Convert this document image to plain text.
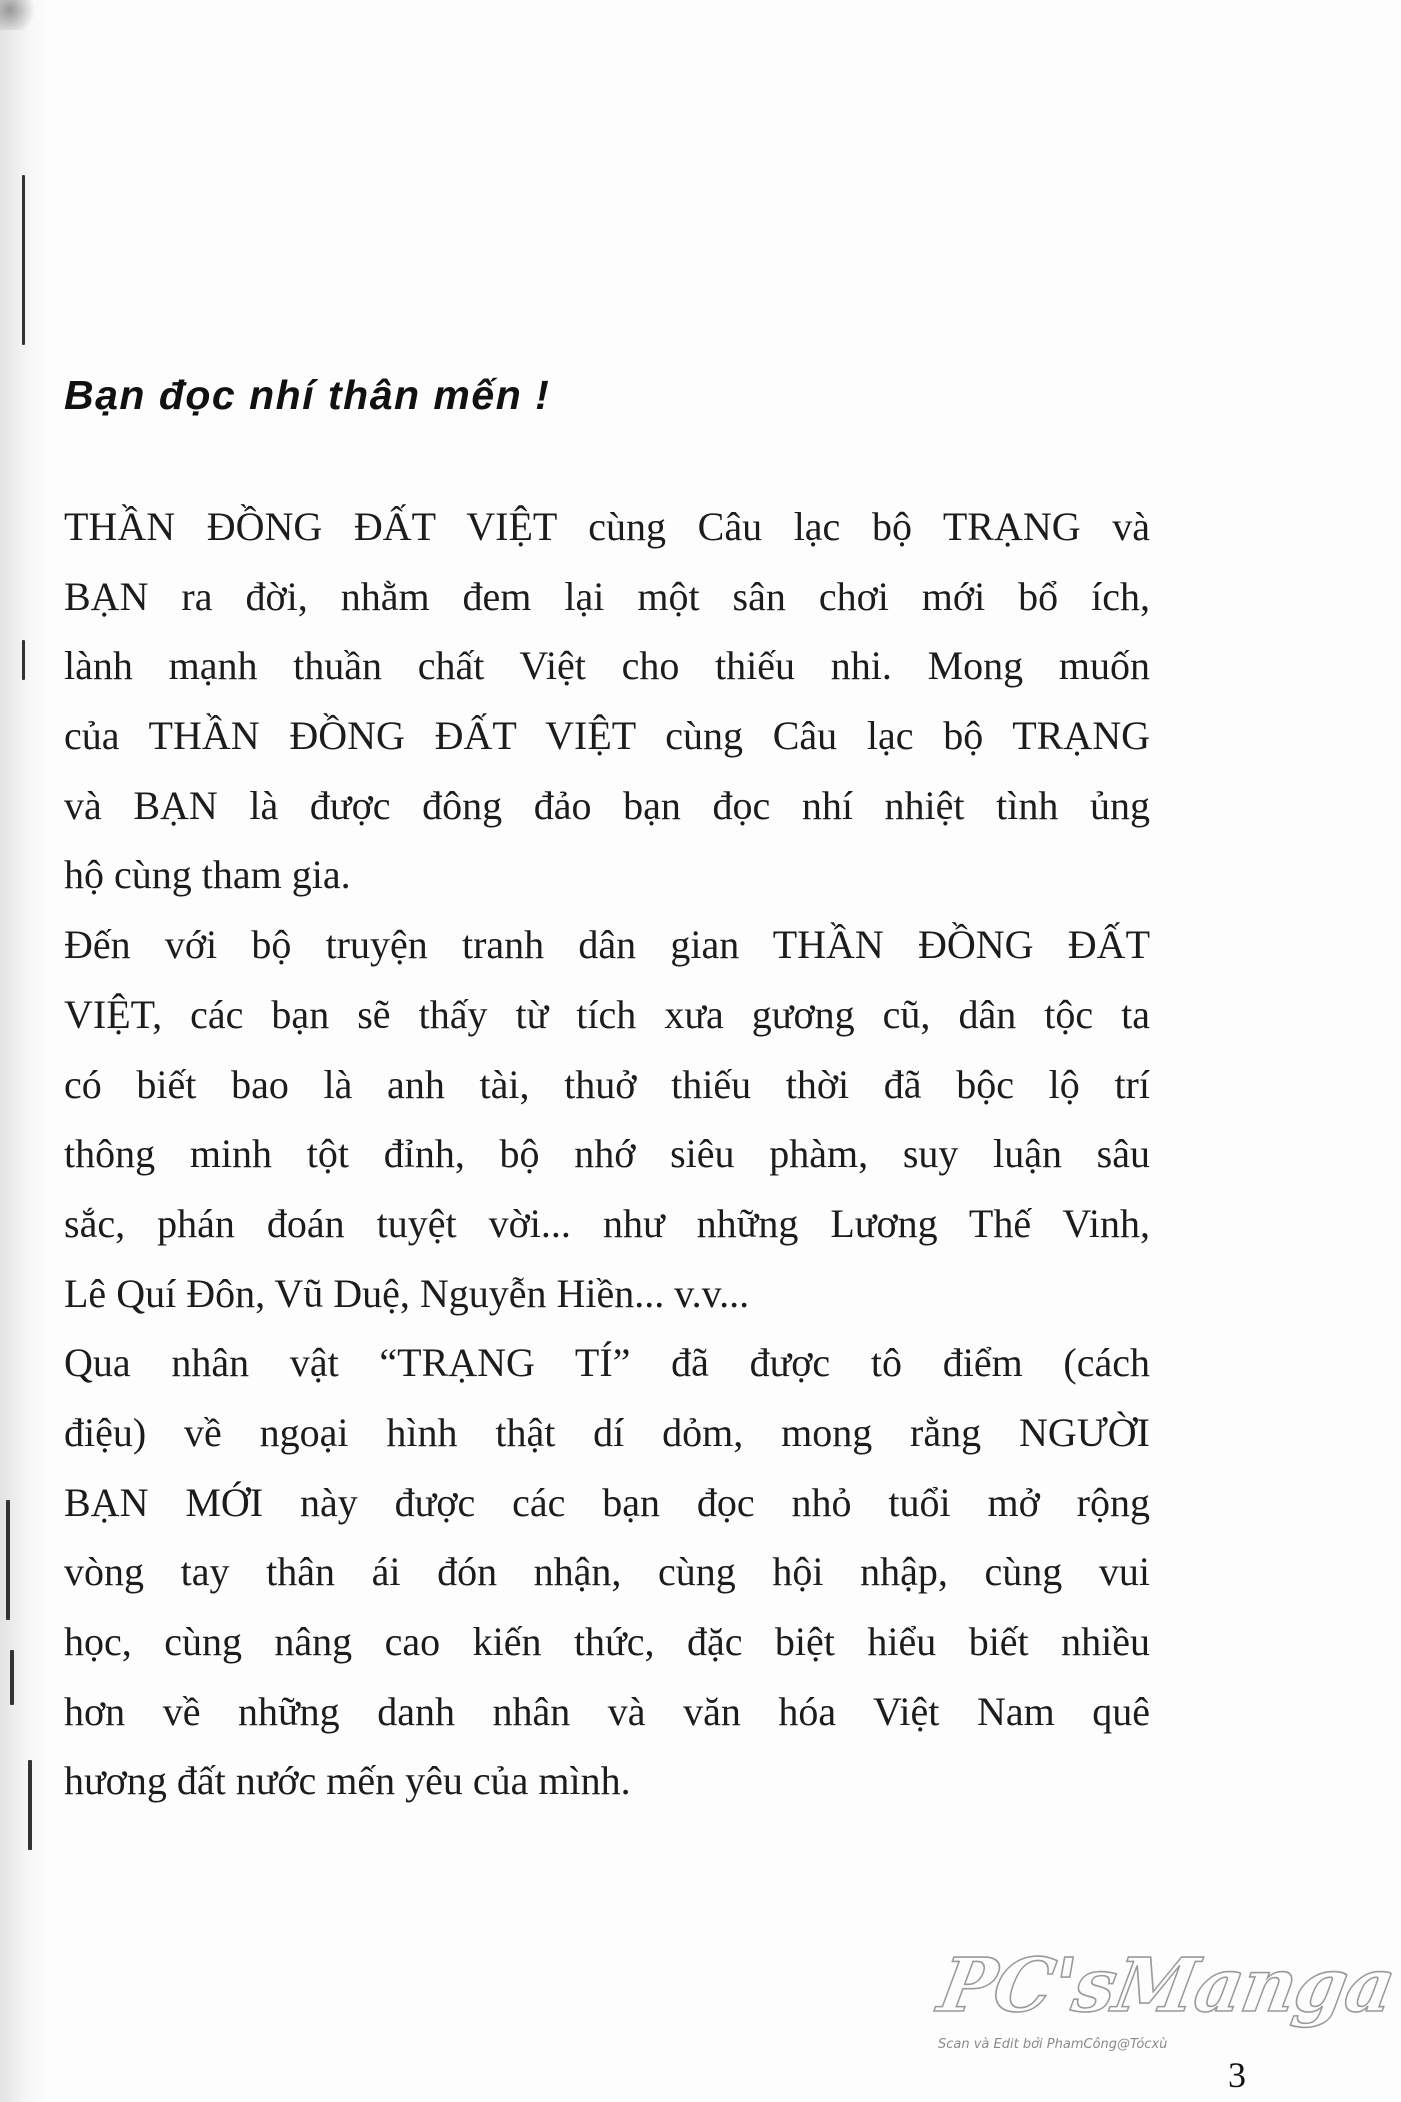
Bạn đọc nhí thân mến !

THẦN ĐỒNG ĐẤT VIỆT cùng Câu lạc bộ TRẠNG và
BẠN ra đời, nhằm đem lại một sân chơi mới bổ ích,
lành mạnh thuần chất Việt cho thiếu nhi. Mong muốn
của THẦN ĐỒNG ĐẤT VIỆT cùng Câu lạc bộ TRẠNG
và BẠN là được đông đảo bạn đọc nhí nhiệt tình ủng
hộ cùng tham gia.

Đến với bộ truyện tranh dân gian THẦN ĐỒNG ĐẤT
VIỆT, các bạn sẽ thấy từ tích xưa gương cũ, dân tộc ta
có biết bao là anh tài, thuở thiếu thời đã bộc lộ trí
thông minh tột đỉnh, bộ nhớ siêu phàm, suy luận sâu
sắc, phán đoán tuyệt vời... như những Lương Thế Vinh,
Lê Quí Đôn, Vũ Duệ, Nguyễn Hiền... v.v...

Qua nhân vật “TRẠNG TÍ” đã được tô điểm (cách
điệu) về ngoại hình thật dí dỏm, mong rằng NGƯỜI
BẠN MỚI này được các bạn đọc nhỏ tuổi mở rộng
vòng tay thân ái đón nhận, cùng hội nhập, cùng vui
học, cùng nâng cao kiến thức, đặc biệt hiểu biết nhiều
hơn về những danh nhân và văn hóa Việt Nam quê
hương đất nước mến yêu của mình.

PC'sManga
Scan và Edit bởi PhamCông@Tócxù
3
